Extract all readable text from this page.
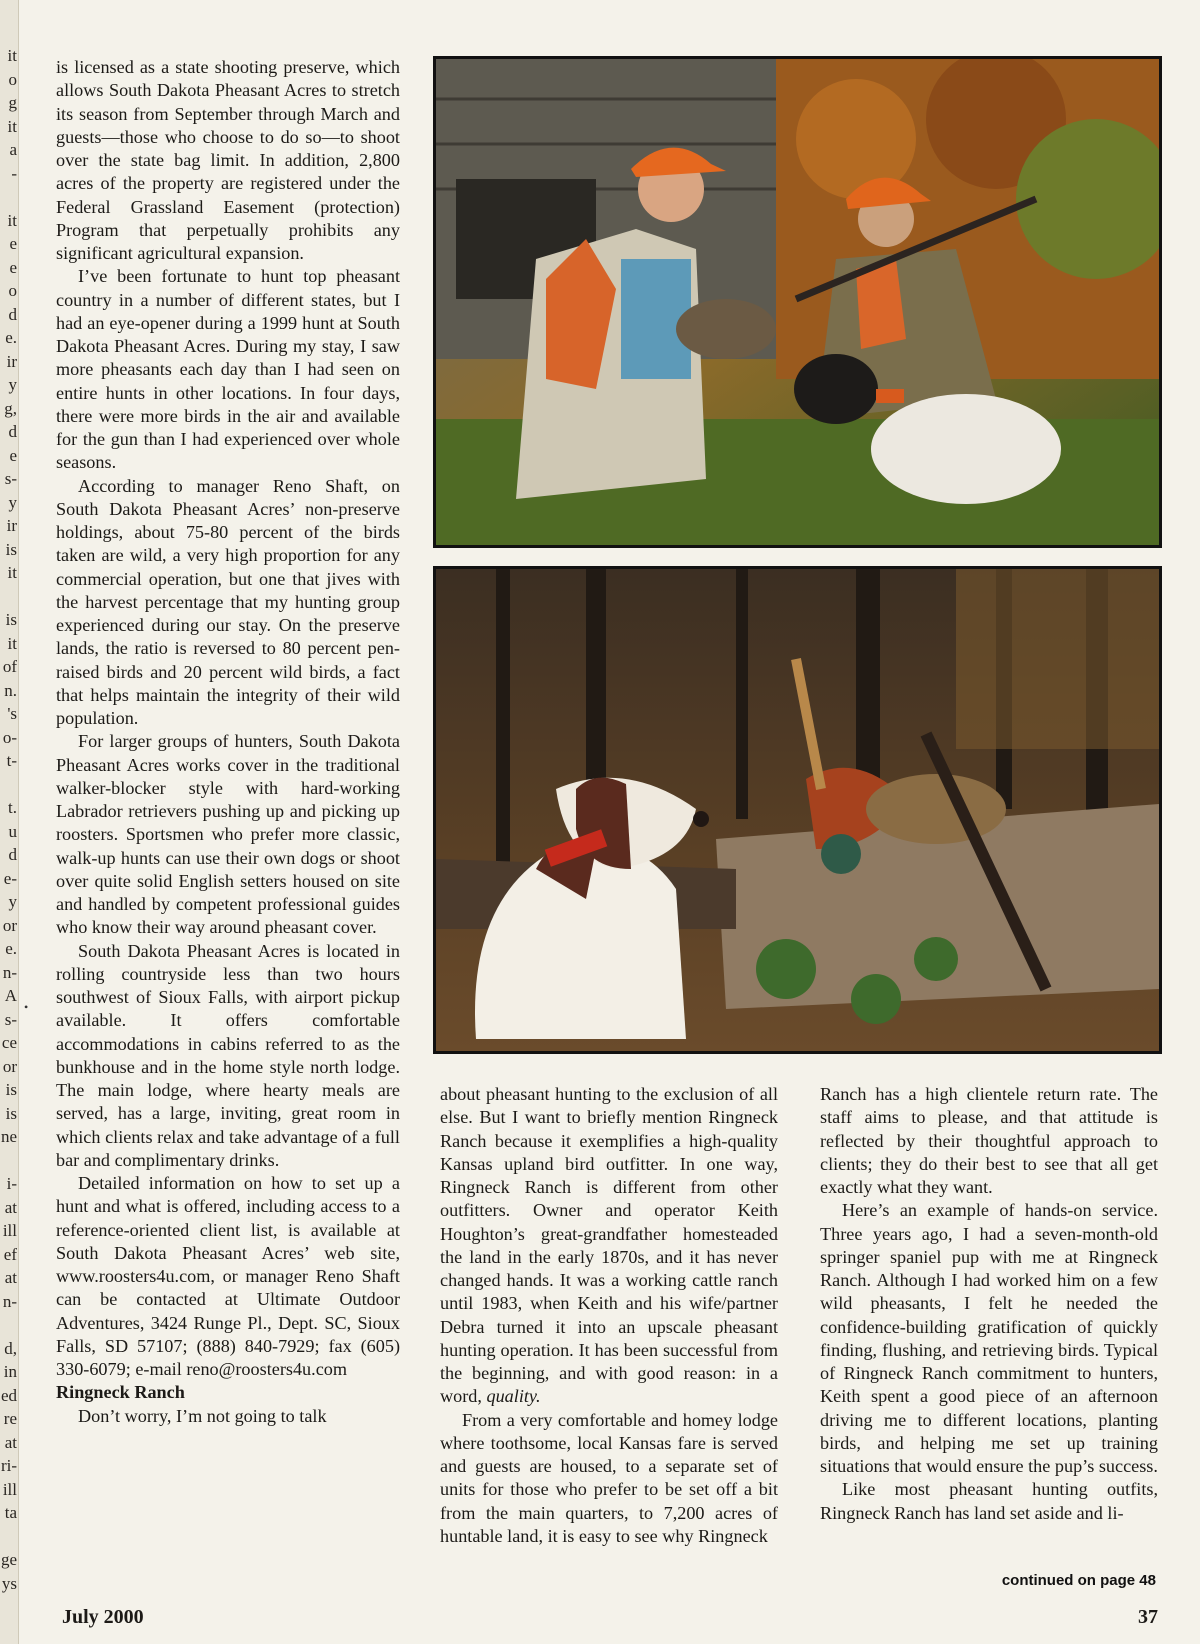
it
o
g
it
a
-
it
e
e
o
d
e.
ir
y
g,
d
e
s-
y
ir
is
it
is
it
of
n.
's
o-
t-
t.
u
d
e-
y
or
e.
n-
A
s-
ce
or
is
is
ne
i-
at
ill
ef
at
n-
d,
in
ed
re
at
ri-
ill
ta
ge
ys
•

is licensed as a state shooting preserve, which allows South Dakota Pheasant Acres to stretch its season from September through March and guests—those who choose to do so—to shoot over the state bag limit. In addition, 2,800 acres of the property are registered under the Federal Grassland Easement (protection) Program that perpetually prohibits any significant agricultural expansion.

I’ve been fortunate to hunt top pheasant country in a number of different states, but I had an eye-opener during a 1999 hunt at South Dakota Pheasant Acres. During my stay, I saw more pheasants each day than I had seen on entire hunts in other locations. In four days, there were more birds in the air and available for the gun than I had experienced over whole seasons.

According to manager Reno Shaft, on South Dakota Pheasant Acres’ non-preserve holdings, about 75-80 percent of the birds taken are wild, a very high proportion for any commercial operation, but one that jives with the harvest percentage that my hunting group experienced during our stay. On the preserve lands, the ratio is reversed to 80 percent pen-raised birds and 20 percent wild birds, a fact that helps maintain the integrity of their wild population.

For larger groups of hunters, South Dakota Pheasant Acres works cover in the traditional walker-blocker style with hard-working Labrador retrievers pushing up and picking up roosters. Sportsmen who prefer more classic, walk-up hunts can use their own dogs or shoot over quite solid English setters housed on site and handled by competent professional guides who know their way around pheasant cover.

South Dakota Pheasant Acres is located in rolling countryside less than two hours southwest of Sioux Falls, with airport pickup available. It offers comfortable accommodations in cabins referred to as the bunkhouse and in the home style north lodge. The main lodge, where hearty meals are served, has a large, inviting, great room in which clients relax and take advantage of a full bar and complimentary drinks.

Detailed information on how to set up a hunt and what is offered, including access to a reference-oriented client list, is available at South Dakota Pheasant Acres’ web site, www.roosters4u.com, or manager Reno Shaft can be contacted at Ultimate Outdoor Adventures, 3424 Runge Pl., Dept. SC, Sioux Falls, SD 57107; (888) 840-7929; fax (605) 330-6079; e-mail reno@roosters4u.com

Ringneck Ranch

Don’t worry, I’m not going to talk

about pheasant hunting to the exclusion of all else. But I want to briefly mention Ringneck Ranch because it exemplifies a high-quality Kansas upland bird outfitter. In one way, Ringneck Ranch is different from other outfitters. Owner and operator Keith Houghton’s great-grandfather homesteaded the land in the early 1870s, and it has never changed hands. It was a working cattle ranch until 1983, when Keith and his wife/partner Debra turned it into an upscale pheasant hunting operation. It has been successful from the beginning, and with good reason: in a word, quality.

From a very comfortable and homey lodge where toothsome, local Kansas fare is served and guests are housed, to a separate set of units for those who prefer to be set off a bit from the main quarters, to 7,200 acres of huntable land, it is easy to see why Ringneck

Ranch has a high clientele return rate. The staff aims to please, and that attitude is reflected by their thoughtful approach to clients; they do their best to see that all get exactly what they want.

Here’s an example of hands-on service. Three years ago, I had a seven-month-old springer spaniel pup with me at Ringneck Ranch. Although I had worked him on a few wild pheasants, I felt he needed the confidence-building gratification of quickly finding, flushing, and retrieving birds. Typical of Ringneck Ranch commitment to hunters, Keith spent a good piece of an afternoon driving me to different locations, planting birds, and helping me set up training situations that would ensure the pup’s success.

Like most pheasant hunting outfits, Ringneck Ranch has land set aside and li-

continued on page 48
July 2000	37
